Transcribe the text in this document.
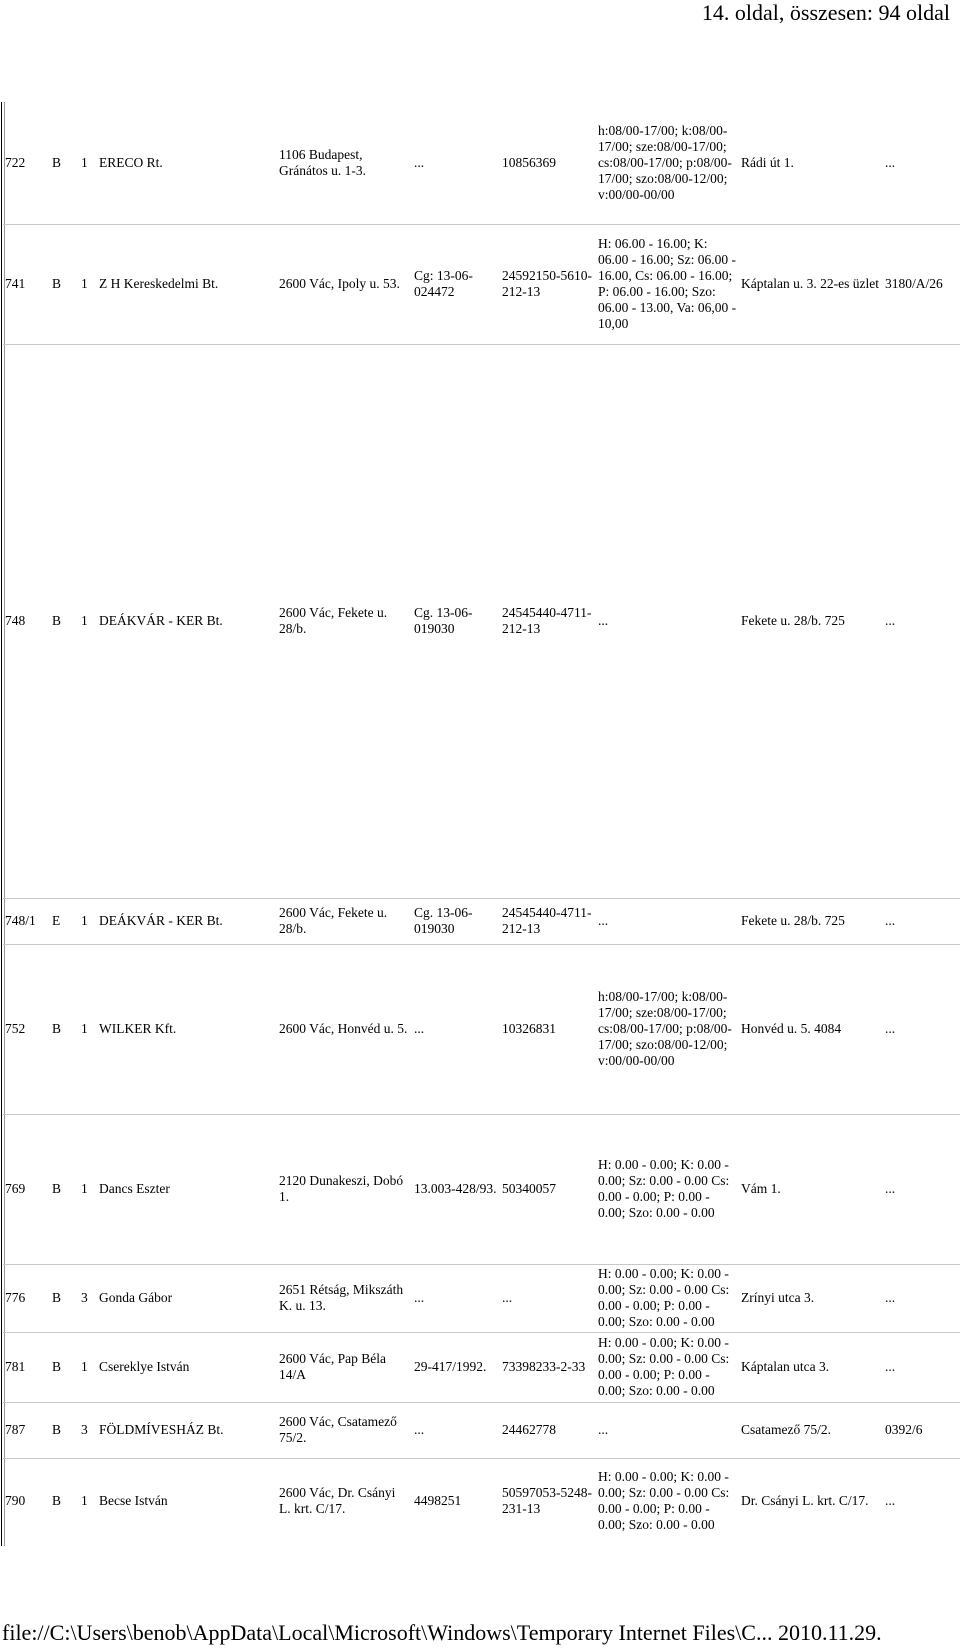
14. oldal, összesen: 94 oldal
722	B	1	ERECO Rt.	1106 Budapest, Gránátos u. 1-3.	...	10856369	h:08/00-17/00; k:08/00-17/00; sze:08/00-17/00; cs:08/00-17/00; p:08/00-17/00; szo:08/00-12/00; v:00/00-00/00	Rádi út 1.	...
741	B	1	Z H Kereskedelmi Bt.	2600 Vác, Ipoly u. 53.	Cg: 13-06-024472	24592150-5610-212-13	H: 06.00 - 16.00; K: 06.00 - 16.00; Sz: 06.00 - 16.00, Cs: 06.00 - 16.00; P: 06.00 - 16.00; Szo: 06.00 - 13.00, Va: 06,00 - 10,00	Káptalan u. 3. 22-es üzlet	3180/A/26
748	B	1	DEÁKVÁR - KER Bt.	2600 Vác, Fekete u. 28/b.	Cg. 13-06-019030	24545440-4711-212-13	...	Fekete u. 28/b. 725	...
748/1	E	1	DEÁKVÁR - KER Bt.	2600 Vác, Fekete u. 28/b.	Cg. 13-06-019030	24545440-4711-212-13	...	Fekete u. 28/b. 725	...
752	B	1	WILKER Kft.	2600 Vác, Honvéd u. 5.	...	10326831	h:08/00-17/00; k:08/00-17/00; sze:08/00-17/00; cs:08/00-17/00; p:08/00-17/00; szo:08/00-12/00; v:00/00-00/00	Honvéd u. 5. 4084	...
769	B	1	Dancs Eszter	2120 Dunakeszi, Dobó 1.	13.003-428/93.	50340057	H: 0.00 - 0.00; K: 0.00 - 0.00; Sz: 0.00 - 0.00 Cs: 0.00 - 0.00; P: 0.00 - 0.00; Szo: 0.00 - 0.00	Vám 1.	...
776	B	3	Gonda Gábor	2651 Rétság, Mikszáth K. u. 13.	...	...	H: 0.00 - 0.00; K: 0.00 - 0.00; Sz: 0.00 - 0.00 Cs: 0.00 - 0.00; P: 0.00 - 0.00; Szo: 0.00 - 0.00	Zrínyi utca 3.	...
781	B	1	Csereklye István	2600 Vác, Pap Béla 14/A	29-417/1992.	73398233-2-33	H: 0.00 - 0.00; K: 0.00 - 0.00; Sz: 0.00 - 0.00 Cs: 0.00 - 0.00; P: 0.00 - 0.00; Szo: 0.00 - 0.00	Káptalan utca 3.	...
787	B	3	FÖLDMÍVESHÁZ Bt.	2600 Vác, Csatamező 75/2.	...	24462778	...	Csatamező 75/2.	0392/6
790	B	1	Becse István	2600 Vác, Dr. Csányi L. krt. C/17.	4498251	50597053-5248-231-13	H: 0.00 - 0.00; K: 0.00 - 0.00; Sz: 0.00 - 0.00 Cs: 0.00 - 0.00; P: 0.00 - 0.00; Szo: 0.00 - 0.00	Dr. Csányi L. krt. C/17.	...
file://C:\Users\benob\AppData\Local\Microsoft\Windows\Temporary Internet Files\C... 2010.11.29.
